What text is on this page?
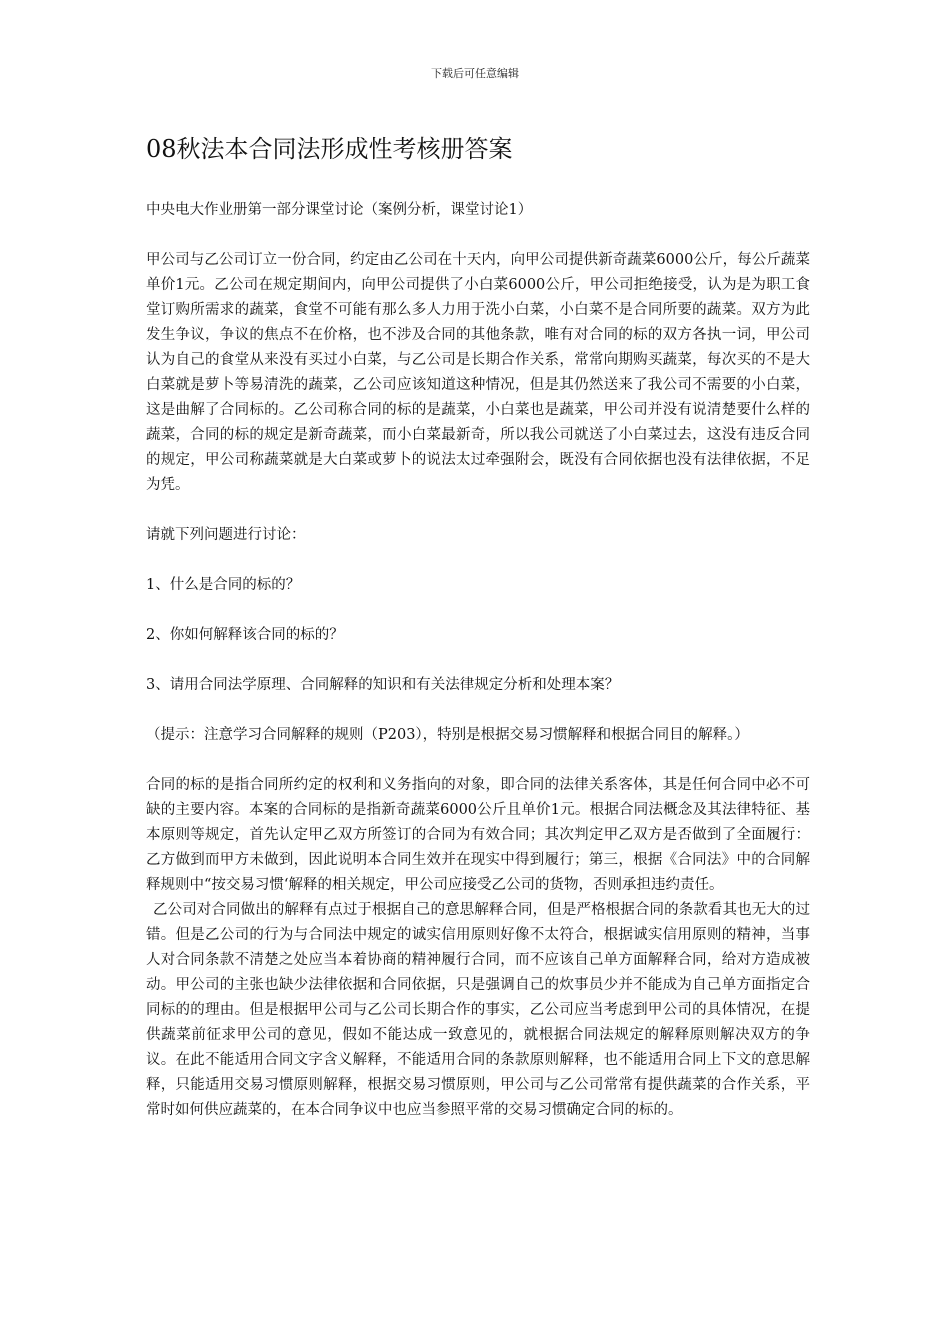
下载后可任意编辑
08秋法本合同法形成性考核册答案

中央电大作业册第一部分课堂讨论（案例分析，课堂讨论1）

甲公司与乙公司订立一份合同，约定由乙公司在十天内，向甲公司提供新奇蔬菜6000公斤，每公斤蔬菜单价1元。乙公司在规定期间内，向甲公司提供了小白菜6000公斤，甲公司拒绝接受，认为是为职工食堂订购所需求的蔬菜，食堂不可能有那么多人力用于洗小白菜，小白菜不是合同所要的蔬菜。双方为此发生争议，争议的焦点不在价格，也不涉及合同的其他条款，唯有对合同的标的双方各执一词，甲公司认为自己的食堂从来没有买过小白菜，与乙公司是长期合作关系，常常向期购买蔬菜，每次买的不是大白菜就是萝卜等易清洗的蔬菜，乙公司应该知道这种情况，但是其仍然送来了我公司不需要的小白菜，这是曲解了合同标的。乙公司称合同的标的是蔬菜，小白菜也是蔬菜，甲公司并没有说清楚要什么样的蔬菜，合同的标的规定是新奇蔬菜，而小白菜最新奇，所以我公司就送了小白菜过去，这没有违反合同的规定，甲公司称蔬菜就是大白菜或萝卜的说法太过牵强附会，既没有合同依据也没有法律依据，不足为凭。

请就下列问题进行讨论：

1、什么是合同的标的？

2、你如何解释该合同的标的？

3、请用合同法学原理、合同解释的知识和有关法律规定分析和处理本案？

（提示：注意学习合同解释的规则（P203），特别是根据交易习惯解释和根据合同目的解释。）

合同的标的是指合同所约定的权利和义务指向的对象，即合同的法律关系客体，其是任何合同中必不可缺的主要内容。本案的合同标的是指新奇蔬菜6000公斤且单价1元。根据合同法概念及其法律特征、基本原则等规定，首先认定甲乙双方所签订的合同为有效合同；其次判定甲乙双方是否做到了全面履行：乙方做到而甲方未做到，因此说明本合同生效并在现实中得到履行；第三，根据《合同法》中的合同解释规则中“按交易习惯‘解释的相关规定，甲公司应接受乙公司的货物，否则承担违约责任。

乙公司对合同做出的解释有点过于根据自己的意思解释合同，但是严格根据合同的条款看其也无大的过错。但是乙公司的行为与合同法中规定的诚实信用原则好像不太符合，根据诚实信用原则的精神，当事人对合同条款不清楚之处应当本着协商的精神履行合同，而不应该自己单方面解释合同，给对方造成被动。甲公司的主张也缺少法律依据和合同依据，只是强调自己的炊事员少并不能成为自己单方面指定合同标的的理由。但是根据甲公司与乙公司长期合作的事实，乙公司应当考虑到甲公司的具体情况，在提供蔬菜前征求甲公司的意见，假如不能达成一致意见的，就根据合同法规定的解释原则解决双方的争议。在此不能适用合同文字含义解释，不能适用合同的条款原则解释，也不能适用合同上下文的意思解释，只能适用交易习惯原则解释，根据交易习惯原则，甲公司与乙公司常常有提供蔬菜的合作关系，平常时如何供应蔬菜的，在本合同争议中也应当参照平常的交易习惯确定合同的标的。
